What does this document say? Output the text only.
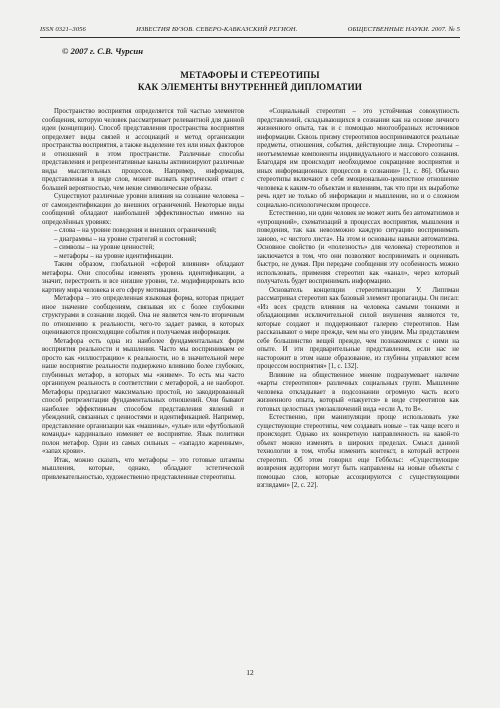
ISSN 0321–3056	ИЗВЕСТИЯ ВУЗОВ. СЕВЕРО-КАВКАЗСКИЙ РЕГИОН.	ОБЩЕСТВЕННЫЕ НАУКИ. 2007. № 5
© 2007 г. С.В. Чурсин
МЕТАФОРЫ И СТЕРЕОТИПЫ
КАК ЭЛЕМЕНТЫ ВНУТРЕННЕЙ ДИПЛОМАТИИ

Пространство восприятия определяется той частью элементов сообщения, которую человек рассматривает релевантной для данной идеи (концепции). Способ представления пространства восприятия определяет виды связей и ассоциаций и метод организации пространства восприятия, а также выделение тех или иных факторов и отношений в этом пространстве. Различные способы представления и репрезентативные каналы активизируют различные виды мыслительных процессов. Например, информация, представленная в виде слов, может вызвать критический ответ с большей вероятностью, чем некие символические образы.

Существуют различные уровни влияния на сознание человека – от самоидентификации до внешних ограничений. Некоторые виды сообщений обладают наибольшей эффективностью именно на определённых уровнях:

– слова – на уровне поведения и внешних ограничений;

– диаграммы – на уровне стратегий и состояний;

– символы – на уровне ценностей;

– метафоры – на уровне идентификации.

Таким образом, глобальной «сферой влияния» обладают метафоры. Они способны изменять уровень идентификации, а значит, перестроить и все низшие уровни, т.е. модифицировать всю картину мира человека и его сферу мотивации.

Метафора – это определенная языковая форма, которая придает иное значение сообщениям, связывая их с более глубокими структурами в сознании людей. Она не является чем-то вторичным по отношению к реальности, чего-то задает рамки, в которых оцениваются происходящие события и получаемая информация.

Метафора есть одна из наиболее фундаментальных форм восприятия реальности и мышления. Часто мы воспринимаем ее просто как «иллюстрацию» к реальности, но в значительной мере наше восприятие реальности подвержено влиянию более глубоких, глубинных метафор, в которых мы «живем». То есть мы часто организуем реальность в соответствии с метафорой, а не наоборот. Метафоры предлагают максимально простой, но закодированный способ репрезентации фундаментальных отношений. Они бывают наиболее эффективным способом представления явлений и убеждений, связанных с ценностями и идентификацией. Например, представление организации как «машины», «улья» или «футбольной команды» кардинально изменяет ее восприятие. Язык политики полон метафор. Одни из самых сильных – «западло жаренным», «запах крови».

Итак, можно сказать, что метафоры – это готовые штампы мышления, которые, однако, обладают эстетической привлекательностью, художественно представленные стереотипы.

«Социальный стереотип – это устойчивая совокупность представлений, складывающихся в сознании как на основе личного жизненного опыта, так и с помощью многообразных источников информации. Сквозь призму стереотипов воспринимаются реальные предметы, отношения, события, действующие лица. Стереотипы – неотъемлемые компоненты индивидуального и массового сознания. Благодаря им происходит необходимое сокращение восприятия и иных информационных процессов в сознании» [1, с. 86]. Обычно стереотипы включают в себя эмоционально-ценностное отношение человека к каким-то объектам и явлениям, так что при их выработке речь идет не только об информации и мышлении, но и о сложном социально-психологическом процессе.

Естественно, ни один человек не может жить без автоматизмов и «упрощений», схематизаций в процессах восприятия, мышления и поведения, так как невозможно каждую ситуацию воспринимать заново, «с чистого листа». На этом и основаны навыки автоматизма. Основное свойство (и «полезность» для человека) стереотипов и заключается в том, что они позволяют воспринимать и оценивать быстро, не думая. При передаче сообщения эту особенность можно использовать, применяя стереотип как «канал», через который получатель будет воспринимать информацию.

Основатель концепции стереотипизации У. Липпман рассматривал стереотип как базовый элемент пропаганды. Он писал: «Из всех средств влияния на человека самыми тонкими и обладающими исключительной силой внушения являются те, которые создают и поддерживают галерею стереотипов. Нам рассказывают о мире прежде, чем мы его увидим. Мы представляем себе большинство вещей прежде, чем познакомимся с ними на опыте. И эти предварительные представления, если нас не насторожит в этом наше образование, из глубины управляют всем процессом восприятия» [1, с. 132].

Влияние на общественное мнение подразумевает наличие «карты стереотипов» различных социальных групп. Мышление человека откладывает в подсознании огромную часть всего жизненного опыта, который «пакуется» в виде стереотипов как готовых целостных умозаключений вида «если A, то B».

Естественно, при манипуляции проще использовать уже существующие стереотипы, чем создавать новые – так чаще всего и происходит. Однако их конкретную направленность на какой-то объект можно изменять в широких пределах. Смысл данной технологии в том, чтобы изменить контекст, в который встроен стереотип. Об этом говорил еще Геббельс: «Существующие возврения аудитории могут быть направлены на новые объекты с помощью слов, которые ассоциируются с существующими взглядами» [2, с. 22].

12
